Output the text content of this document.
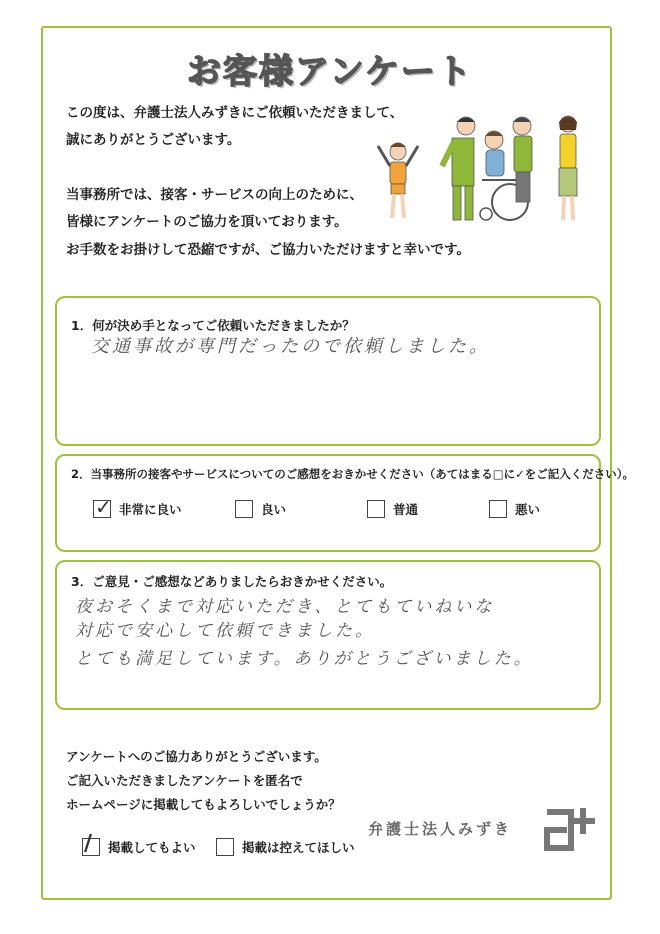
お客様アンケート
この度は、弁護士法人みずきにご依頼いただきまして、
誠にありがとうございます。
当事務所では、接客・サービスの向上のために、
皆様にアンケートのご協力を頂いております。
お手数をお掛けして恐縮ですが、ご協力いただけますと幸いです。
1．何が決め手となってご依頼いただきましたか？
交通事故が専門だったので依頼しました。
2．当事務所の接客やサービスについてのご感想をおきかせください（あてはまる□に✓をご記入ください）。
✓ 非常に良い	良い	普通	悪い
3．ご意見・ご感想などありましたらおきかせください。
夜おそくまで対応いただき、とてもていねいな
対応で安心して依頼できました。
とても満足しています。ありがとうございました。
アンケートへのご協力ありがとうございます。
ご記入いただきましたアンケートを匿名で
ホームページに掲載してもよろしいでしょうか？
∕ 掲載してもよい	掲載は控えてほしい
弁護士法人みずき
